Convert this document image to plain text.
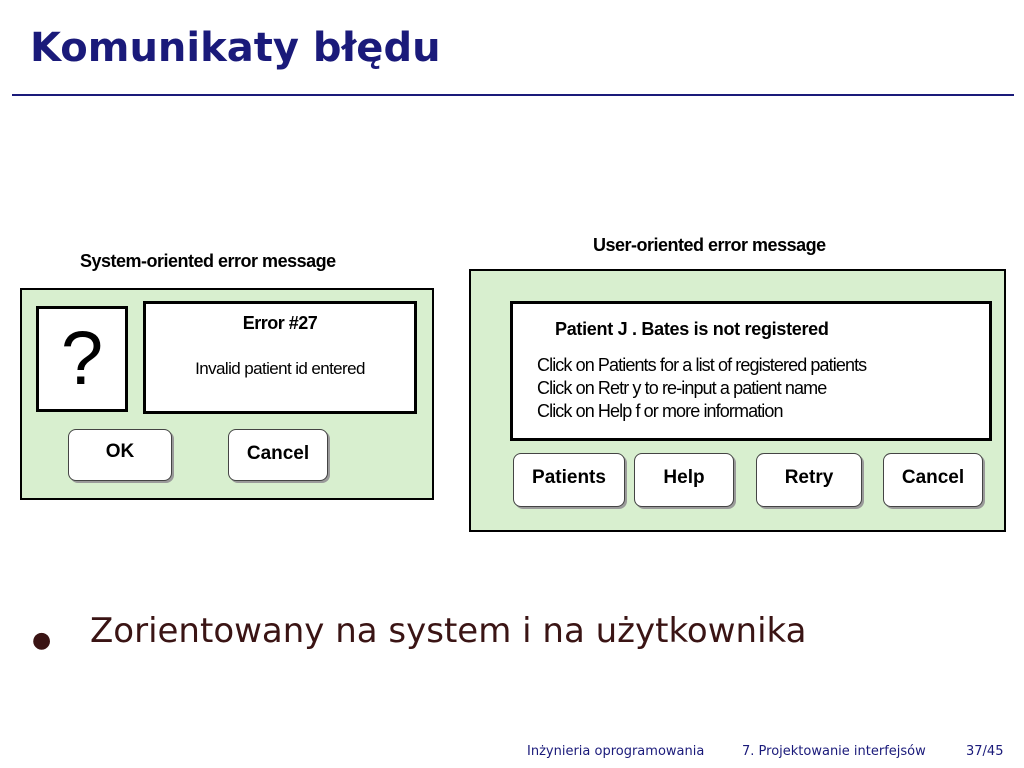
Komunikaty błędu
System-oriented error message
?	Error #27

Invalid patient id entered

OK	Cancel
User-oriented error message

Patient J . Bates is not registered

Click on Patients for a list of registered patients

Click on Retr y to re-input a patient name

Click on Help f or more information

Patients	Help	Retry	Cancel
● Zorientowany na system i na użytkownika

Inżynieria oprogramowania	7. Projektowanie interfejsów	37/45
